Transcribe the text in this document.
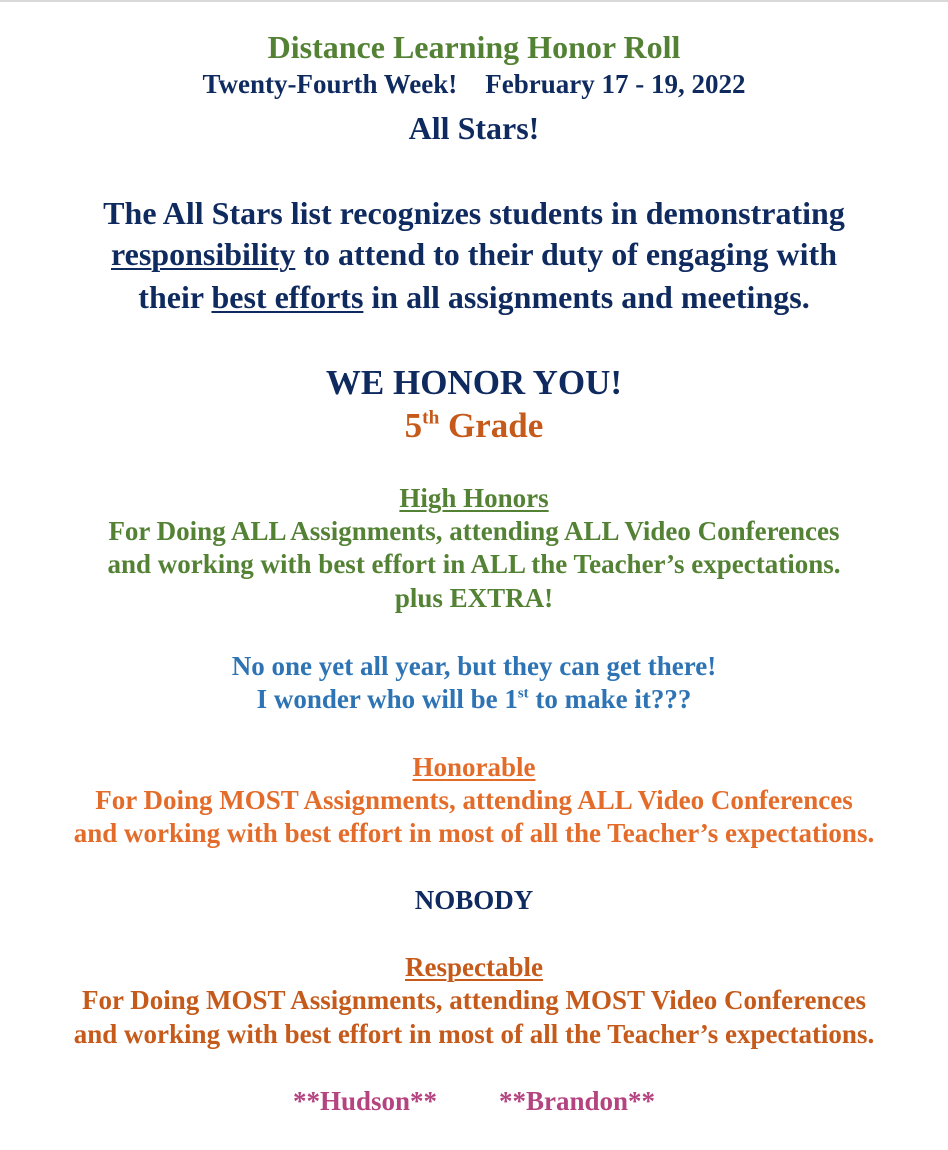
Distance Learning Honor Roll
Twenty-Fourth Week! February 17 - 19, 2022
All Stars!
The All Stars list recognizes students in demonstrating
responsibility to attend to their duty of engaging with
their best efforts in all assignments and meetings.
WE HONOR YOU!
5th Grade
High Honors
For Doing ALL Assignments, attending ALL Video Conferences
and working with best effort in ALL the Teacher’s expectations.
plus EXTRA!
No one yet all year, but they can get there!
I wonder who will be 1st to make it???
Honorable
For Doing MOST Assignments, attending ALL Video Conferences
and working with best effort in most of all the Teacher’s expectations.
NOBODY
Respectable
For Doing MOST Assignments, attending MOST Video Conferences
and working with best effort in most of all the Teacher’s expectations.
**Hudson** **Brandon**
